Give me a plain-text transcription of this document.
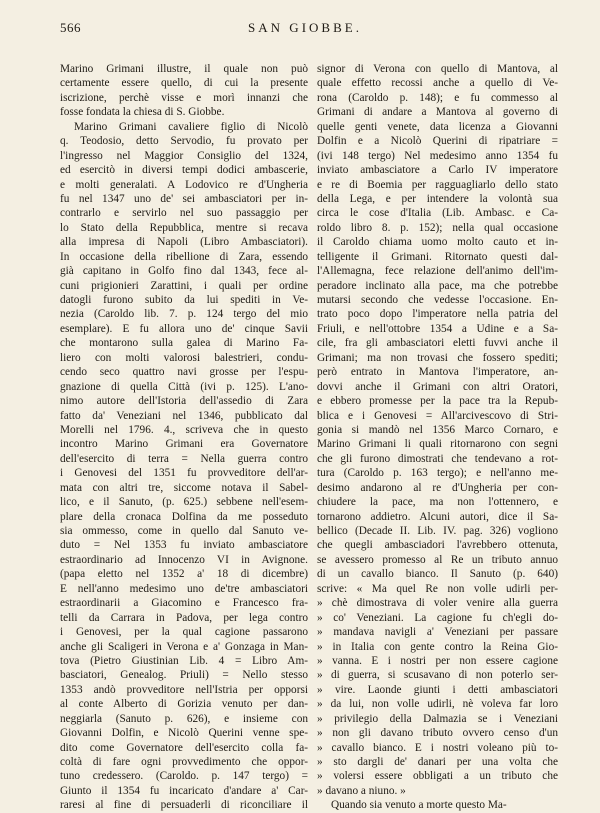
566	SAN GIOBBE.
Marino Grimani illustre, il quale non può
certamente essere quello, di cui la presente
iscrizione, perchè visse e morì innanzi che
fosse fondata la chiesa di S. Giobbe.
Marino Grimani cavaliere figlio di Nicolò
q. Teodosio, detto Servodio, fu provato per
l'ingresso nel Maggior Consiglio del 1324,
ed esercitò in diversi tempi dodici ambascerie,
e molti generalati. A Lodovico re d'Ungheria
fu nel 1347 uno de' sei ambasciatori per in-
contrarlo e servirlo nel suo passaggio per
lo Stato della Repubblica, mentre si recava
alla impresa di Napoli (Libro Ambasciatori).
In occasione della ribellione di Zara, essendo
già capitano in Golfo fino dal 1343, fece al-
cuni prigionieri Zarattini, i quali per ordine
datogli furono subito da lui spediti in Ve-
nezia (Caroldo lib. 7. p. 124 tergo del mio
esemplare). E fu allora uno de' cinque Savii
che montarono sulla galea di Marino Fa-
liero con molti valorosi balestrieri, condu-
cendo seco quattro navi grosse per l'espu-
gnazione di quella Città (ivi p. 125). L'ano-
nimo autore dell'Istoria dell'assedio di Zara
fatto da' Veneziani nel 1346, pubblicato dal
Morelli nel 1796. 4., scriveva che in questo
incontro Marino Grimani era Governatore
dell'esercito di terra = Nella guerra contro
i Genovesi del 1351 fu provveditore dell'ar-
mata con altri tre, siccome notava il Sabel-
lico, e il Sanuto, (p. 625.) sebbene nell'esem-
plare della cronaca Dolfina da me posseduto
sia ommesso, come in quello dal Sanuto ve-
duto = Nel 1353 fu inviato ambasciatore
estraordinario ad Innocenzo VI in Avignone.
(papa eletto nel 1352 a' 18 di dicembre)
E nell'anno medesimo uno de'tre ambasciatori
estraordinarii a Giacomino e Francesco fra-
telli da Carrara in Padova, per lega contro
i Genovesi, per la qual cagione passarono
anche gli Scaligeri in Verona e a' Gonzaga in Man-
tova (Pietro Giustinian Lib. 4 = Libro Am-
basciatori, Genealog. Priuli) = Nello stesso
1353 andò provveditore nell'Istria per opporsi
al conte Alberto di Gorizia venuto per dan-
neggiarla (Sanuto p. 626), e insieme con
Giovanni Dolfin, e Nicolò Querini venne spe-
dito come Governatore dell'esercito colla fa-
coltà di fare ogni provvedimento che oppor-
tuno credessero. (Caroldo. p. 147 tergo) =
Giunto il 1354 fu incaricato d'andare a' Car-
raresi al fine di persuaderli di riconciliare il
signor di Verona con quello di Mantova, al
quale effetto recossi anche a quello di Ve-
rona (Caroldo p. 148); e fu commesso al
Grimani di andare a Mantova al governo di
quelle genti venete, data licenza a Giovanni
Dolfin e a Nicolò Querini di ripatriare =
(ivi 148 tergo) Nel medesimo anno 1354 fu
inviato ambasciatore a Carlo IV imperatore
e re di Boemia per ragguagliarlo dello stato
della Lega, e per intendere la volontà sua
circa le cose d'Italia (Lib. Ambasc. e Ca-
roldo libro 8. p. 152); nella qual occasione
il Caroldo chiama uomo molto cauto et in-
telligente il Grimani. Ritornato questi dal-
l'Allemagna, fece relazione dell'animo dell'im-
peradore inclinato alla pace, ma che potrebbe
mutarsi secondo che vedesse l'occasione. En-
trato poco dopo l'imperatore nella patria del
Friuli, e nell'ottobre 1354 a Udine e a Sa-
cile, fra gli ambasciatori eletti fuvvi anche il
Grimani; ma non trovasi che fossero spediti;
però entrato in Mantova l'imperatore, an-
dovvi anche il Grimani con altri Oratori,
e ebbero promesse per la pace tra la Repub-
blica e i Genovesi = All'arcivescovo di Stri-
gonia si mandò nel 1356 Marco Cornaro, e
Marino Grimani li quali ritornarono con segni
che gli furono dimostrati che tendevano a rot-
tura (Caroldo p. 163 tergo); e nell'anno me-
desimo andarono al re d'Ungheria per con-
chiudere la pace, ma non l'ottennero, e
tornarono addietro. Alcuni autori, dice il Sa-
bellico (Decade II. Lib. IV. pag. 326) vogliono
che quegli ambasciadori l'avrebbero ottenuta,
se avessero promesso al Re un tributo annuo
di un cavallo bianco. Il Sanuto (p. 640)
scrive: « Ma quel Re non volle udirli per-
» chè dimostrava di voler venire alla guerra
» co' Veneziani. La cagione fu ch'egli do-
» mandava navigli a' Veneziani per passare
» in Italia con gente contro la Reina Gio-
» vanna. E i nostri per non essere cagione
» di guerra, si scusavano di non poterlo ser-
» vire. Laonde giunti i detti ambasciatori
» da lui, non volle udirli, nè voleva far loro
» privilegio della Dalmazia se i Veneziani
» non gli davano tributo ovvero censo d'un
» cavallo bianco. E i nostri voleano più to-
» sto dargli de' danari per una volta che
» volersi essere obbligati a un tributo che
» davano a niuno. »
Quando sia venuto a morte questo Ma-
